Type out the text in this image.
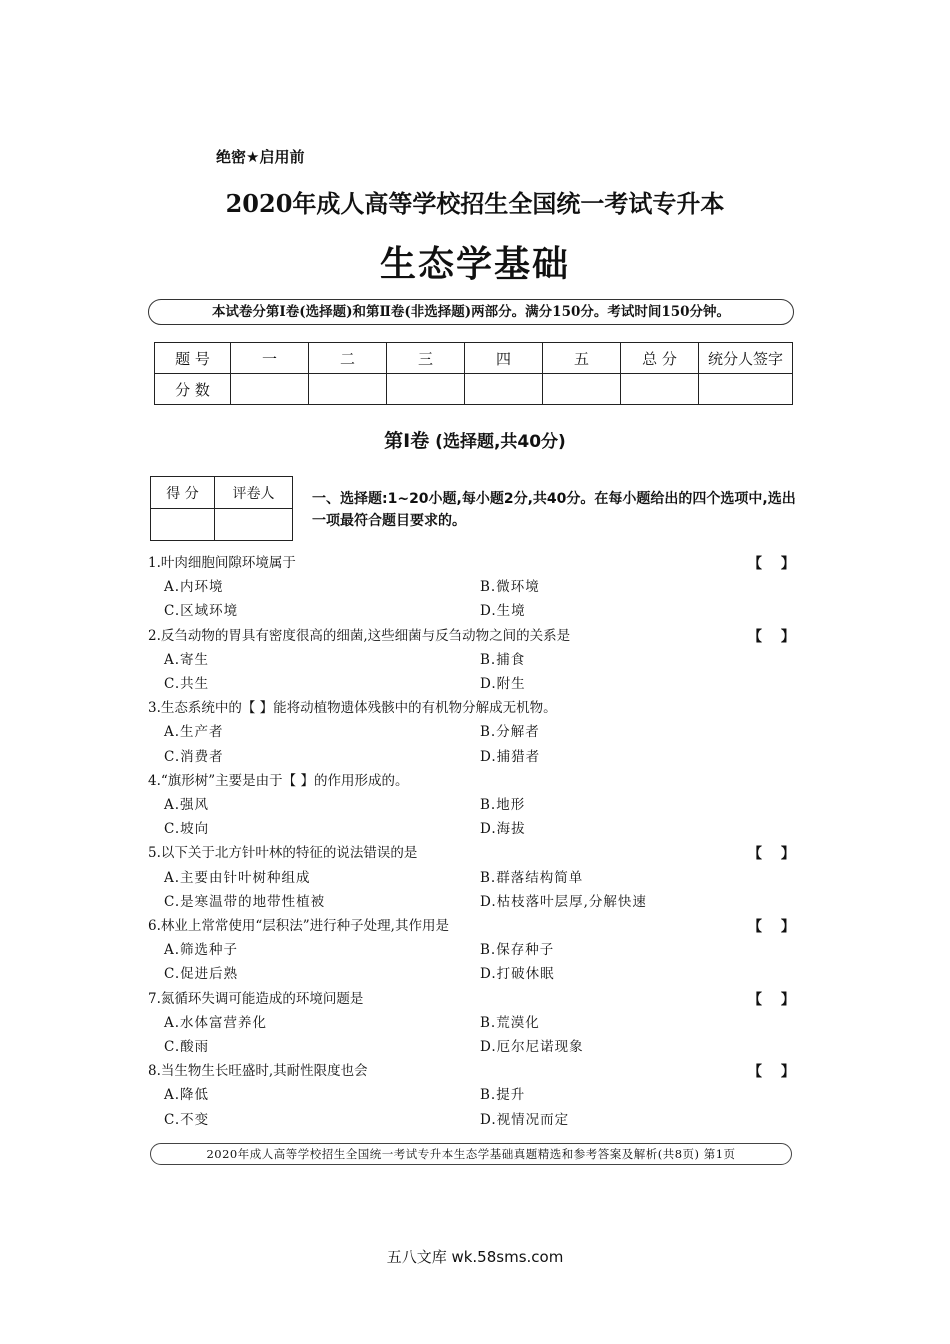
绝密★启用前
2020年成人高等学校招生全国统一考试专升本
生态学基础
本试卷分第Ⅰ卷(选择题)和第Ⅱ卷(非选择题)两部分。满分150分。考试时间150分钟。
题 号	一	二	三	四	五	总 分	统分人签字
分 数							
第Ⅰ卷 (选择题,共40分)
得 分	评卷人
		一、选择题:1~20小题,每小题2分,共40分。在每小题给出的四个选项中,选出一项最符合题目要求的。
1.叶肉细胞间隙环境属于	【 】
A.内环境	B.微环境
C.区域环境	D.生境
2.反刍动物的胃具有密度很高的细菌,这些细菌与反刍动物之间的关系是	【 】
A.寄生	B.捕食
C.共生	D.附生
3.生态系统中的【 】能将动植物遗体残骸中的有机物分解成无机物。
A.生产者	B.分解者
C.消费者	D.捕猎者
4.“旗形树”主要是由于【 】的作用形成的。
A.强风	B.地形
C.坡向	D.海拔
5.以下关于北方针叶林的特征的说法错误的是	【 】
A.主要由针叶树种组成	B.群落结构简单
C.是寒温带的地带性植被	D.枯枝落叶层厚,分解快速
6.林业上常常使用“层积法”进行种子处理,其作用是	【 】
A.筛选种子	B.保存种子
C.促进后熟	D.打破休眠
7.氮循环失调可能造成的环境问题是	【 】
A.水体富营养化	B.荒漠化
C.酸雨	D.厄尔尼诺现象
8.当生物生长旺盛时,其耐性限度也会	【 】
A.降低	B.提升
C.不变	D.视情况而定
2020年成人高等学校招生全国统一考试专升本生态学基础真题精选和参考答案及解析(共8页) 第1页
五八文库 wk.58sms.com
